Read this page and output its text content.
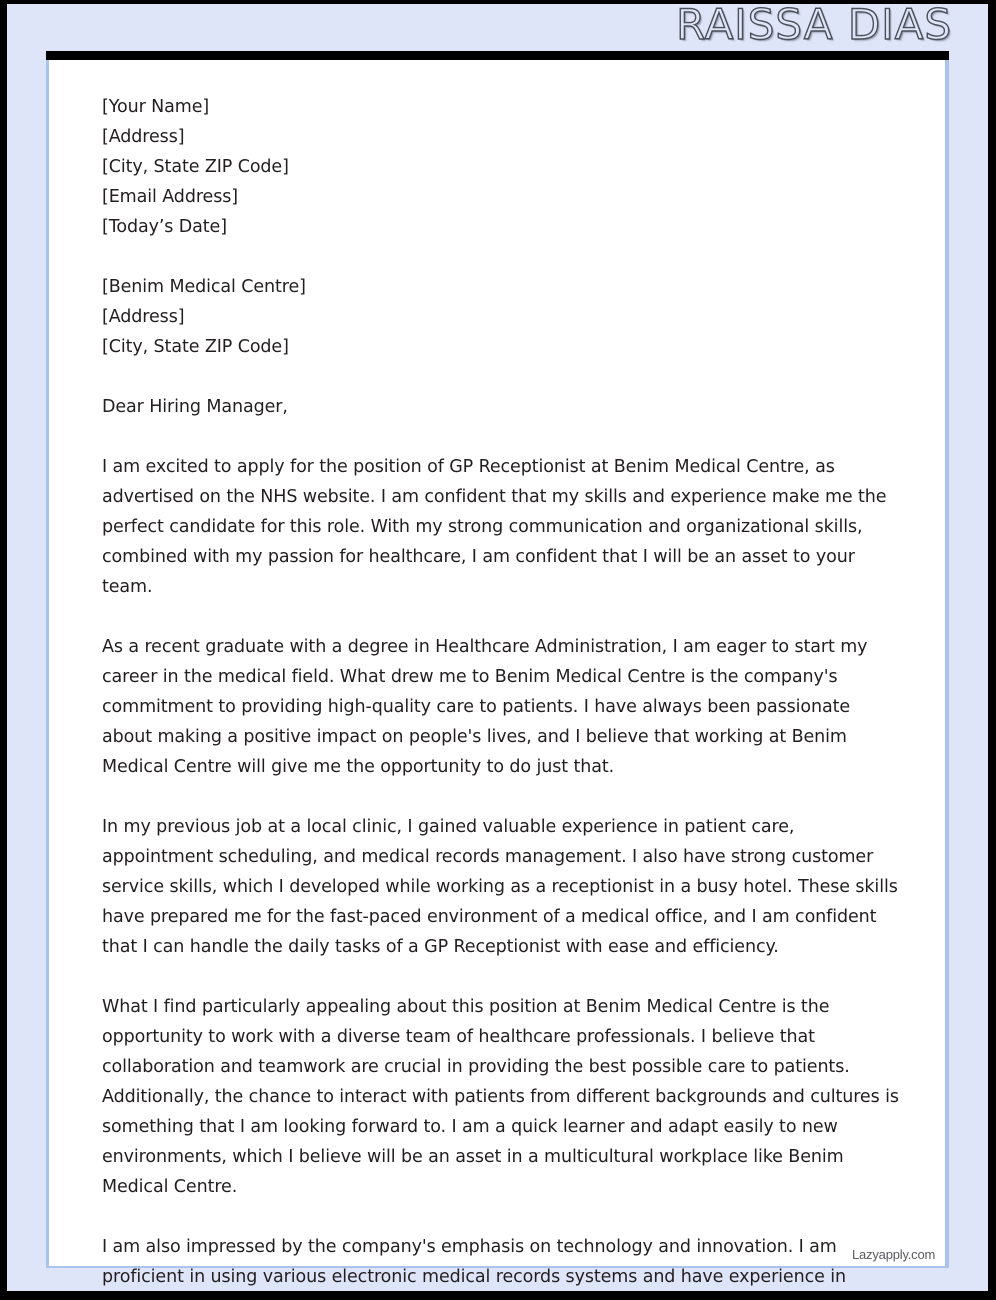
RAISSA DIAS
[Your Name]
[Address]
[City, State ZIP Code]
[Email Address]
[Today’s Date]
[Benim Medical Centre]
[Address]
[City, State ZIP Code]
Dear Hiring Manager,

I am excited to apply for the position of GP Receptionist at Benim Medical Centre, as advertised on the NHS website. I am confident that my skills and experience make me the perfect candidate for this role. With my strong communication and organizational skills, combined with my passion for healthcare, I am confident that I will be an asset to your team.

As a recent graduate with a degree in Healthcare Administration, I am eager to start my career in the medical field. What drew me to Benim Medical Centre is the company's commitment to providing high-quality care to patients. I have always been passionate about making a positive impact on people's lives, and I believe that working at Benim Medical Centre will give me the opportunity to do just that.

In my previous job at a local clinic, I gained valuable experience in patient care, appointment scheduling, and medical records management. I also have strong customer service skills, which I developed while working as a receptionist in a busy hotel. These skills have prepared me for the fast-paced environment of a medical office, and I am confident that I can handle the daily tasks of a GP Receptionist with ease and efficiency.

What I find particularly appealing about this position at Benim Medical Centre is the opportunity to work with a diverse team of healthcare professionals. I believe that collaboration and teamwork are crucial in providing the best possible care to patients. Additionally, the chance to interact with patients from different backgrounds and cultures is something that I am looking forward to. I am a quick learner and adapt easily to new environments, which I believe will be an asset in a multicultural workplace like Benim Medical Centre.

I am also impressed by the company's emphasis on technology and innovation. I am proficient in using various electronic medical records systems and have experience in

Lazyapply.com
